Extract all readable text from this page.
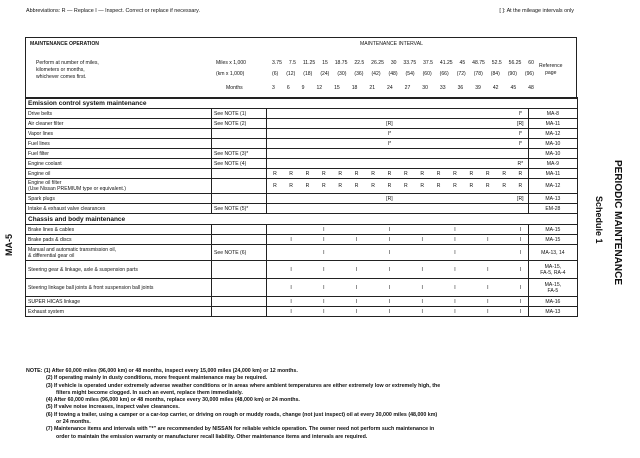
Abbreviations: R — Replace I — Inspect. Correct or replace if necessary.	[ ]: At the mileage intervals only
MAINTENANCE OPERATION	MAINTENANCE INTERVAL
Perform at number of miles,
kilometers or months,
whichever comes first.
Miles x 1,000
(km x 1,000)
Months
3.75 7.5 11.25 15 18.75 22.5 26.25 30 33.75 37.5 41.25 45 48.75 52.5 56.25 60
(6) (12) (18) (24) (30) (36) (42) (48) (54) (60) (66) (72) (78) (84) (90) (96)
3 6 9 12 15 18 21 24 27 30 33 36 39 42 45 48
Reference
page
Emission control system maintenance																		

Drive belts	See NOTE (1)																I*	MA-8

Air cleaner filter	See NOTE (2)								[R]								[R]	MA-11

Vapor lines									I*								I*	MA-12

Fuel lines									I*								I*	MA-10

Fuel filter	See NOTE (3)*																	MA-10

Engine coolant	See NOTE (4)																R*	MA-9

Engine oil		R	R	R	R	R	R	R	R	R	R	R	R	R	R	R	R	MA-11

Engine oil filter
(Use Nissan PREMIUM type or equivalent.)		R	R	R	R	R	R	R	R	R	R	R	R	R	R	R	R	MA-12

Spark plugs									[R]								[R]	MA-13

Intake & exhaust valve clearances	See NOTE (5)*																	EM-28

Chassis and body maintenance																		

Brake lines & cables					I				I				I				I	MA-15

Brake pads & discs			I		I		I		I		I		I		I		I	MA-15

Manual and automatic transmission oil,
& differential gear oil	See NOTE (6)				I				I				I				I	MA-13, 14

Steering gear & linkage, axle & suspension parts			I		I		I		I		I		I		I		I	MA-15,
FA-5, RA-4

Steering linkage ball joints & front suspension ball joints			I		I		I		I		I		I		I		I	MA-15,
FA-5

SUPER HICAS linkage			I		I		I		I		I		I		I		I	MA-16

Exhaust system			I		I		I		I		I		I		I		I	MA-13
NOTE: (1) After 60,000 miles (96,000 km) or 48 months, inspect every 15,000 miles (24,000 km) or 12 months.
(2) If operating mainly in dusty conditions, more frequent maintenance may be required.
(3) If vehicle is operated under extremely adverse weather conditions or in areas where ambient temperatures are either extremely low or extremely high, the
filters might become clogged. In such an event, replace them immediately.
(4) After 60,000 miles (96,000 km) or 48 months, replace every 30,000 miles (48,000 km) or 24 months.
(5) If valve noise increases, inspect valve clearances.
(6) If towing a trailer, using a camper or a car-top carrier, or driving on rough or muddy roads, change (not just inspect) oil at every 30,000 miles (48,000 km)
or 24 months.
(7) Maintenance items and intervals with "*" are recommended by NISSAN for reliable vehicle operation. The owner need not perform such maintenance in
order to maintain the emission warranty or manufacturer recall liability. Other maintenance items and intervals are required.
MA-5	PERIODIC MAINTENANCE
Schedule 1
